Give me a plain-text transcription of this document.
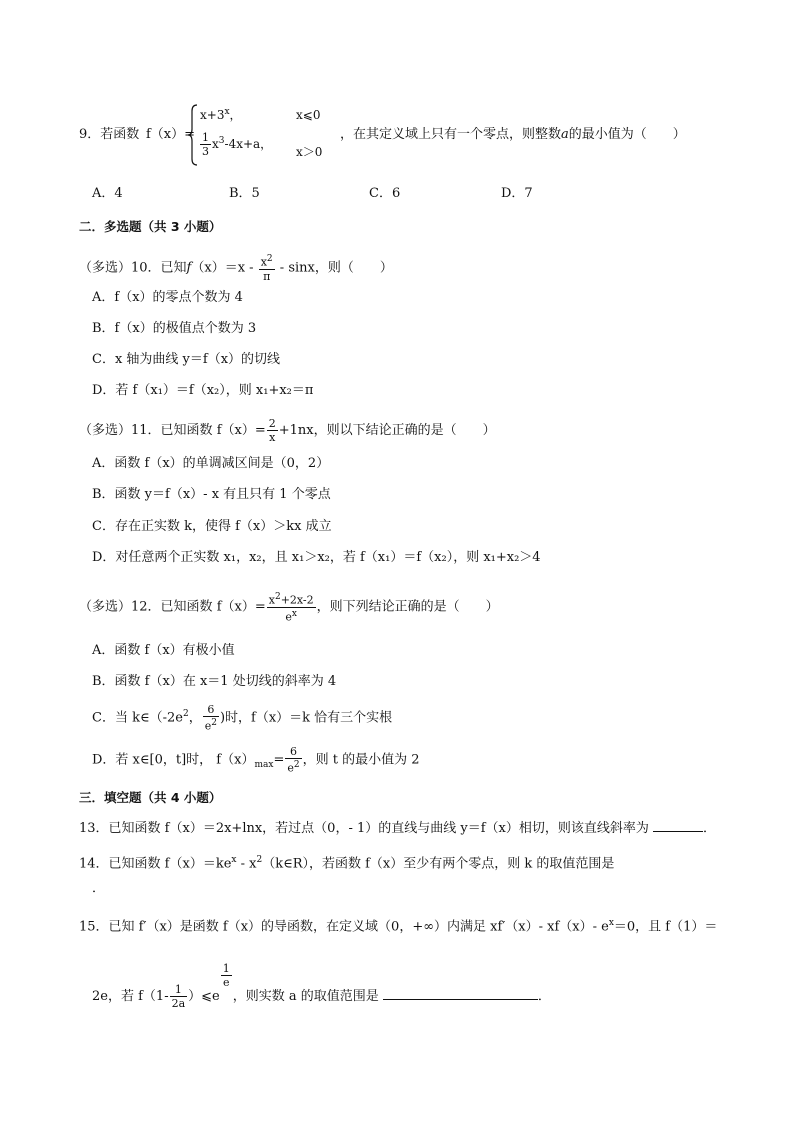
9．若函数 f（x）=
$x+3^x$，	x⩽0
$\frac{1}{3} x^3-4x+a$，
x＞0
，在其定义域上只有一个零点，则整数a的最小值为（　　）
A．4	B．5	C．6	D．7
二．多选题（共 3 小题）
（多选）10．已知$f(x)=x - \frac{x^2}{\pi} - \sin x$，则（　　）
A．f（x）的零点个数为 4
B．f（x）的极值点个数为 3
C．x 轴为曲线 y＝f（x）的切线
D．若 f（x₁）＝f（x₂），则 x₁+x₂＝π
（多选）11．已知函数 $f(x)= \frac{2}{x} +1nx$，则以下结论正确的是（　　）
A．函数 f（x）的单调减区间是（0，2）
B．函数 y＝f（x）- x 有且只有 1 个零点
C．存在正实数 k，使得 f（x）＞kx 成立
D．对任意两个正实数 x₁，x₂，且 x₁＞x₂，若 f（x₁）＝f（x₂），则 x₁+x₂＞4
（多选）12．已知函数 $f(x)= \frac{x^2+2x-2}{e^x}$ ，则下列结论正确的是（　　）
A．函数 f（x）有极小值
B．函数 f（x）在 x＝1 处切线的斜率为 4
C．当 $k\in(-2e^2$， $\frac{6}{e^2}$ )时，f（x）＝k 恰有三个实根
D．若 x∈[0，t]时， $f(x)_{max}= \frac{6}{e^2}$ ，则 t 的最小值为 2
三．填空题（共 4 小题）
13．已知函数 f（x）＝2x+lnx，若过点（0，- 1）的直线与曲线 y＝f（x）相切，则该直线斜率为	．
14．已知函数 $f(x)=ke^x$ - $x^2(k\in R)$，若函数 f（x）至少有两个零点，则 k 的取值范围是
．
15．已知 f′（x）是函数 f（x）的导函数，在定义域（0，+∞）内满足 xf′（x）- xf（x）- $e^x=0$，且 f（1）＝
2e，若 $f(1- \frac{1}{2a}$ ）⩽e
$\frac{1}{e}$
，则实数 a 的取值范围是	．
